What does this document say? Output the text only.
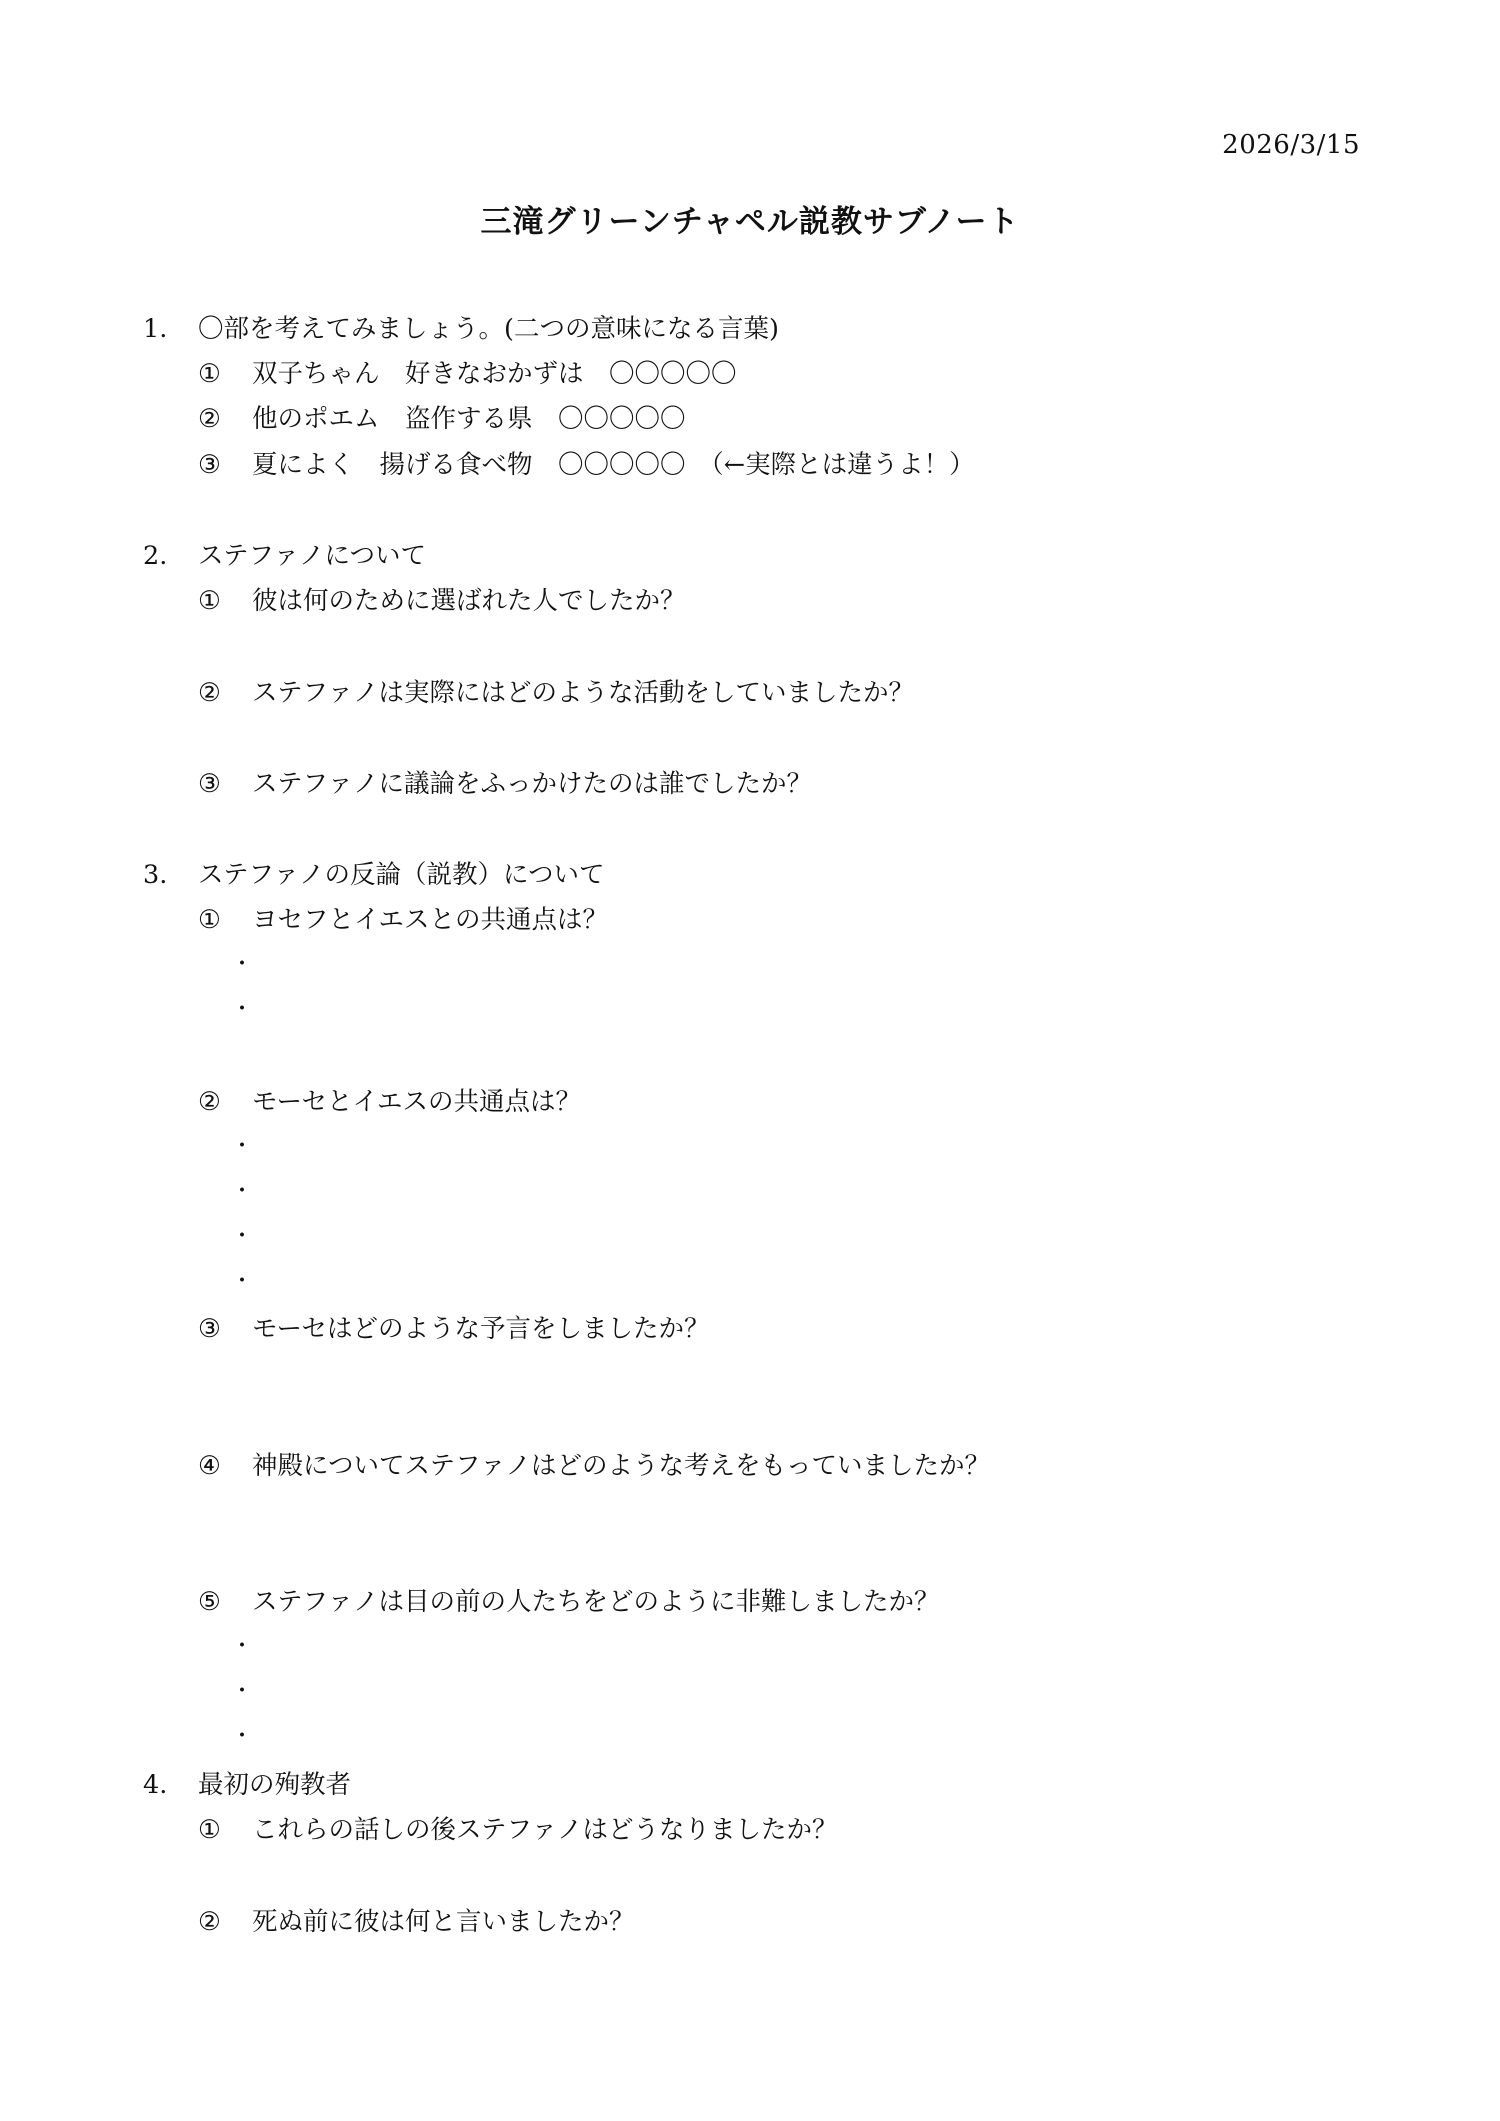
2026/3/15
三滝グリーンチャペル説教サブノート
1. 〇部を考えてみましょう。(二つの意味になる言葉)
① 双子ちゃん　好きなおかずは　〇〇〇〇〇
② 他のポエム　盗作する県　〇〇〇〇〇
③ 夏によく　揚げる食べ物　〇〇〇〇〇　（←実際とは違うよ！）
2. ステファノについて
① 彼は何のために選ばれた人でしたか？
② ステファノは実際にはどのような活動をしていましたか？
③ ステファノに議論をふっかけたのは誰でしたか？
3. ステファノの反論（説教）について
① ヨセフとイエスとの共通点は？
・
・
② モーセとイエスの共通点は？
・
・
・
・
③ モーセはどのような予言をしましたか？
④ 神殿についてステファノはどのような考えをもっていましたか？
⑤ ステファノは目の前の人たちをどのように非難しましたか？
・
・
・
4. 最初の殉教者
① これらの話しの後ステファノはどうなりましたか？
② 死ぬ前に彼は何と言いましたか？
